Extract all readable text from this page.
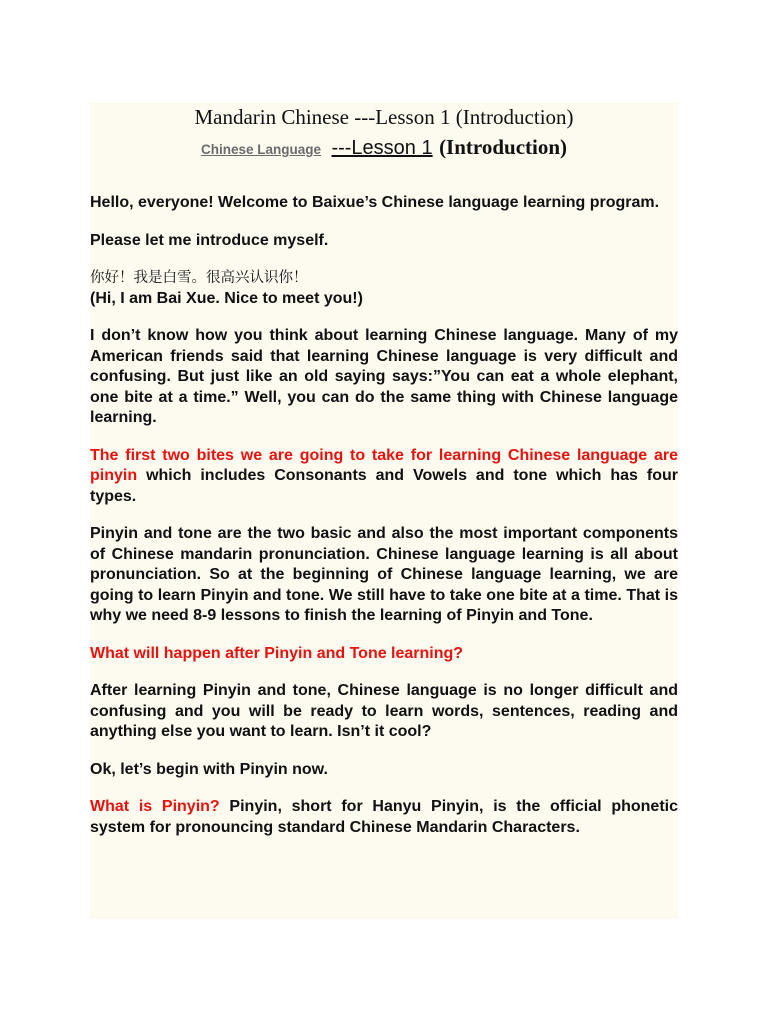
Mandarin Chinese ---Lesson 1 (Introduction)
Chinese Language ---Lesson 1 (Introduction)

Hello, everyone! Welcome to Baixue’s Chinese language learning program.

Please let me introduce myself.

你好！我是白雪。很高兴认识你！
(Hi, I am Bai Xue. Nice to meet you!)

I don’t know how you think about learning Chinese language. Many of my American friends said that learning Chinese language is very difficult and confusing. But just like an old saying says:”You can eat a whole elephant, one bite at a time.” Well, you can do the same thing with Chinese language learning.

The first two bites we are going to take for learning Chinese language are pinyin which includes Consonants and Vowels and tone which has four types.

Pinyin and tone are the two basic and also the most important components of Chinese mandarin pronunciation. Chinese language learning is all about pronunciation. So at the beginning of Chinese language learning, we are going to learn Pinyin and tone. We still have to take one bite at a time. That is why we need 8-9 lessons to finish the learning of Pinyin and Tone.

What will happen after Pinyin and Tone learning?

After learning Pinyin and tone, Chinese language is no longer difficult and confusing and you will be ready to learn words, sentences, reading and anything else you want to learn. Isn’t it cool?

Ok, let’s begin with Pinyin now.

What is Pinyin? Pinyin, short for Hanyu Pinyin, is the official phonetic system for pronouncing standard Chinese Mandarin Characters.
